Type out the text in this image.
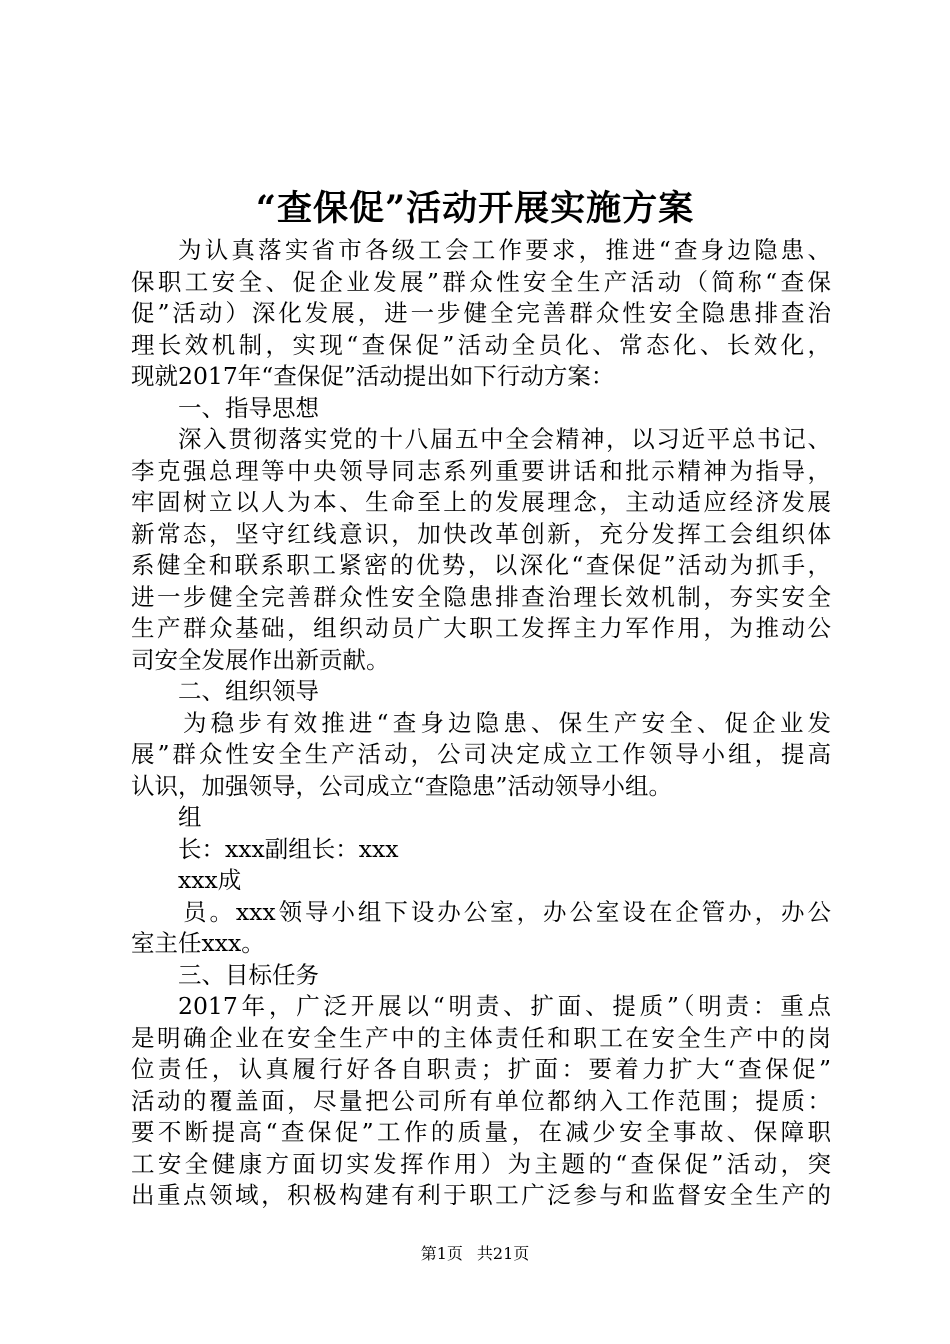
“查保促”活动开展实施方案
为认真落实省市各级工会工作要求，推进“查身边隐患、
保职工安全、促企业发展”群众性安全生产活动（简称“查保
促”活动）深化发展，进一步健全完善群众性安全隐患排查治
理长效机制，实现“查保促”活动全员化、常态化、长效化，
现就2017年“查保促”活动提出如下行动方案：
一、指导思想
深入贯彻落实党的十八届五中全会精神，以习近平总书记、
李克强总理等中央领导同志系列重要讲话和批示精神为指导，
牢固树立以人为本、生命至上的发展理念，主动适应经济发展
新常态，坚守红线意识，加快改革创新，充分发挥工会组织体
系健全和联系职工紧密的优势，以深化“查保促”活动为抓手，
进一步健全完善群众性安全隐患排查治理长效机制，夯实安全
生产群众基础，组织动员广大职工发挥主力军作用，为推动公
司安全发展作出新贡献。
二、组织领导
为稳步有效推进“查身边隐患、保生产安全、促企业发
展”群众性安全生产活动，公司决定成立工作领导小组，提高
认识，加强领导，公司成立“查隐患”活动领导小组。
组
长：xxx副组长：xxx
xxx成
员。xxx领导小组下设办公室，办公室设在企管办，办公
室主任xxx。
三、目标任务
2017年，广泛开展以“明责、扩面、提质”（明责：重点
是明确企业在安全生产中的主体责任和职工在安全生产中的岗
位责任，认真履行好各自职责；扩面：要着力扩大“查保促”
活动的覆盖面，尽量把公司所有单位都纳入工作范围；提质：
要不断提高“查保促”工作的质量，在减少安全事故、保障职
工安全健康方面切实发挥作用）为主题的“查保促”活动，突
出重点领域，积极构建有利于职工广泛参与和监督安全生产的
第1页 共21页
